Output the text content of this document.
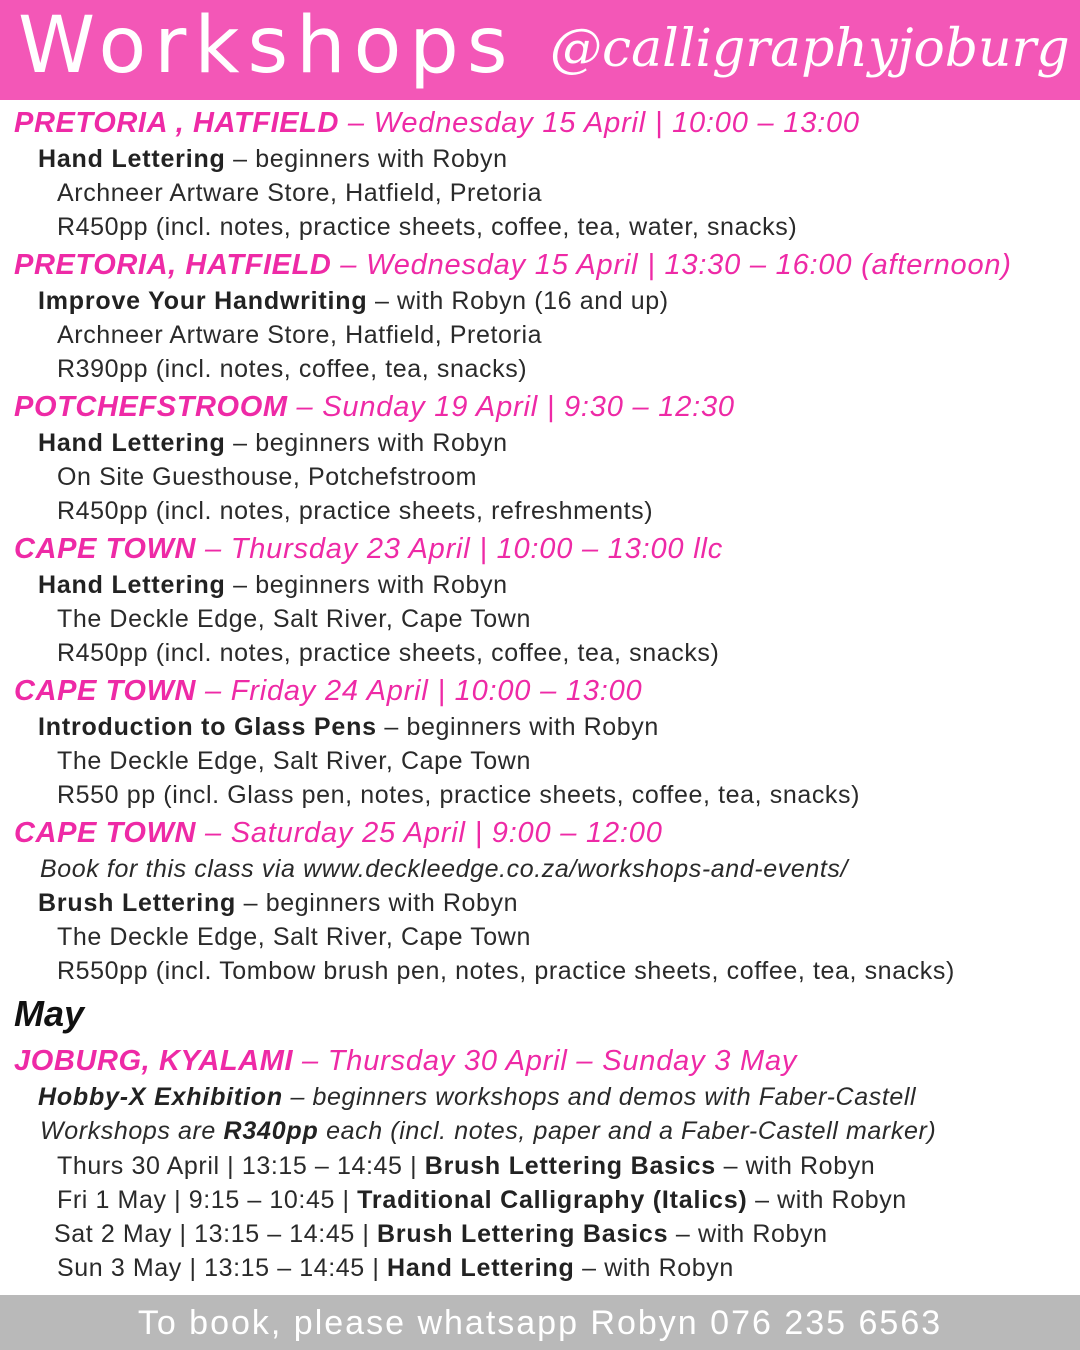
Workshops @calligraphyjoburg
PRETORIA , HATFIELD – Wednesday 15 April | 10:00 – 13:00
Hand Lettering – beginners with Robyn
Archneer Artware Store, Hatfield, Pretoria
R450pp (incl. notes, practice sheets, coffee, tea, water, snacks)
PRETORIA, HATFIELD – Wednesday 15 April | 13:30 – 16:00 (afternoon)
Improve Your Handwriting – with Robyn (16 and up)
Archneer Artware Store, Hatfield, Pretoria
R390pp (incl. notes, coffee, tea, snacks)
POTCHEFSTROOM – Sunday 19 April | 9:30 – 12:30
Hand Lettering – beginners with Robyn
On Site Guesthouse, Potchefstroom
R450pp (incl. notes, practice sheets, refreshments)
CAPE TOWN – Thursday 23 April | 10:00 – 13:00 llc
Hand Lettering – beginners with Robyn
The Deckle Edge, Salt River, Cape Town
R450pp (incl. notes, practice sheets, coffee, tea, snacks)
CAPE TOWN – Friday 24 April | 10:00 – 13:00
Introduction to Glass Pens – beginners with Robyn
The Deckle Edge, Salt River, Cape Town
R550 pp (incl. Glass pen, notes, practice sheets, coffee, tea, snacks)
CAPE TOWN – Saturday 25 April | 9:00 – 12:00
Book for this class via www.deckleedge.co.za/workshops-and-events/
Brush Lettering – beginners with Robyn
The Deckle Edge, Salt River, Cape Town
R550pp (incl. Tombow brush pen, notes, practice sheets, coffee, tea, snacks)
May
JOBURG, KYALAMI – Thursday 30 April – Sunday 3 May
Hobby-X Exhibition – beginners workshops and demos with Faber-Castell
Workshops are R340pp each (incl. notes, paper and a Faber-Castell marker)
Thurs 30 April | 13:15 – 14:45 | Brush Lettering Basics – with Robyn
Fri 1 May | 9:15 – 10:45 | Traditional Calligraphy (Italics) – with Robyn
Sat 2 May | 13:15 – 14:45 | Brush Lettering Basics – with Robyn
Sun 3 May | 13:15 – 14:45 | Hand Lettering – with Robyn
To book, please whatsapp Robyn 076 235 6563
